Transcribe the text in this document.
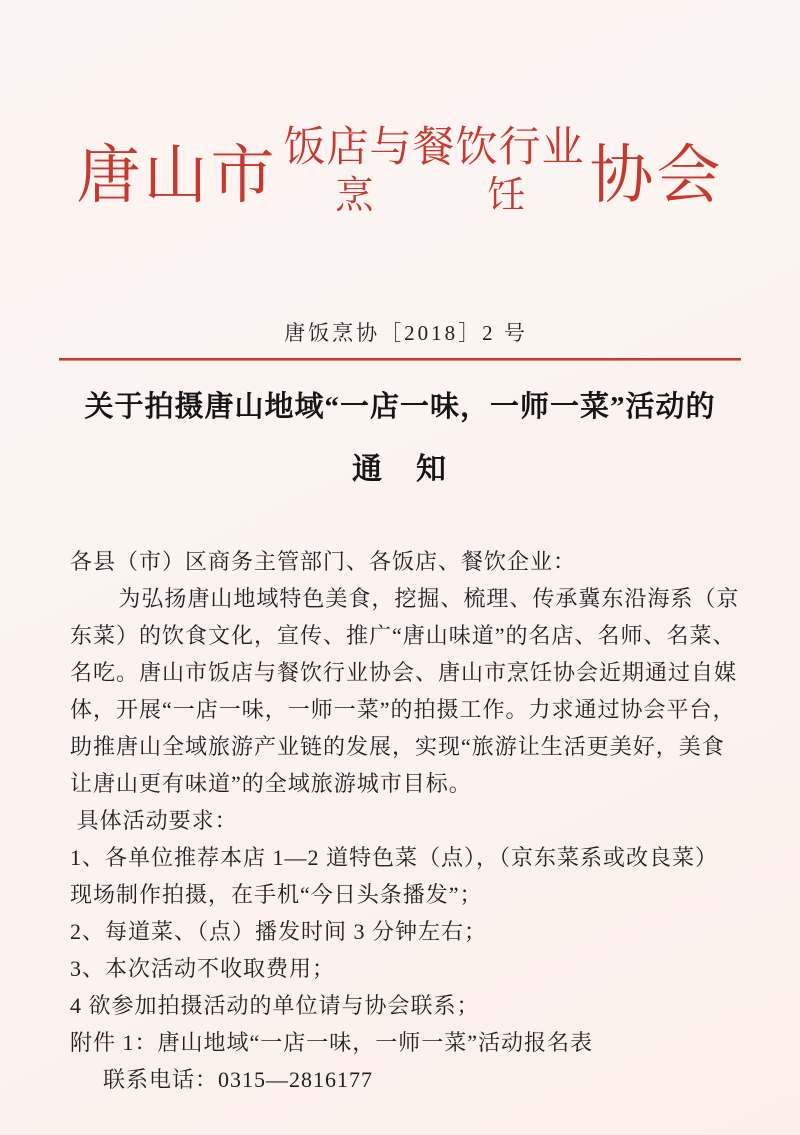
唐山市 饭店与餐饮行业
烹	饪 协会
唐饭烹协［2018］2 号
关于拍摄唐山地域“一店一味，一师一菜”活动的
通　知
各县（市）区商务主管部门、各饭店、餐饮企业：
为弘扬唐山地域特色美食，挖掘、梳理、传承冀东沿海系（京
东菜）的饮食文化，宣传、推广“唐山味道”的名店、名师、名菜、
名吃。唐山市饭店与餐饮行业协会、唐山市烹饪协会近期通过自媒
体，开展“一店一味，一师一菜”的拍摄工作。力求通过协会平台，
助推唐山全域旅游产业链的发展，实现“旅游让生活更美好，美食
让唐山更有味道”的全域旅游城市目标。
具体活动要求：
1、各单位推荐本店 1—2 道特色菜（点），（京东菜系或改良菜）
现场制作拍摄，在手机“今日头条播发”；
2、每道菜、（点）播发时间 3 分钟左右；
3、本次活动不收取费用；
4 欲参加拍摄活动的单位请与协会联系；
附件 1：唐山地域“一店一味，一师一菜”活动报名表
联系电话：0315—2816177
